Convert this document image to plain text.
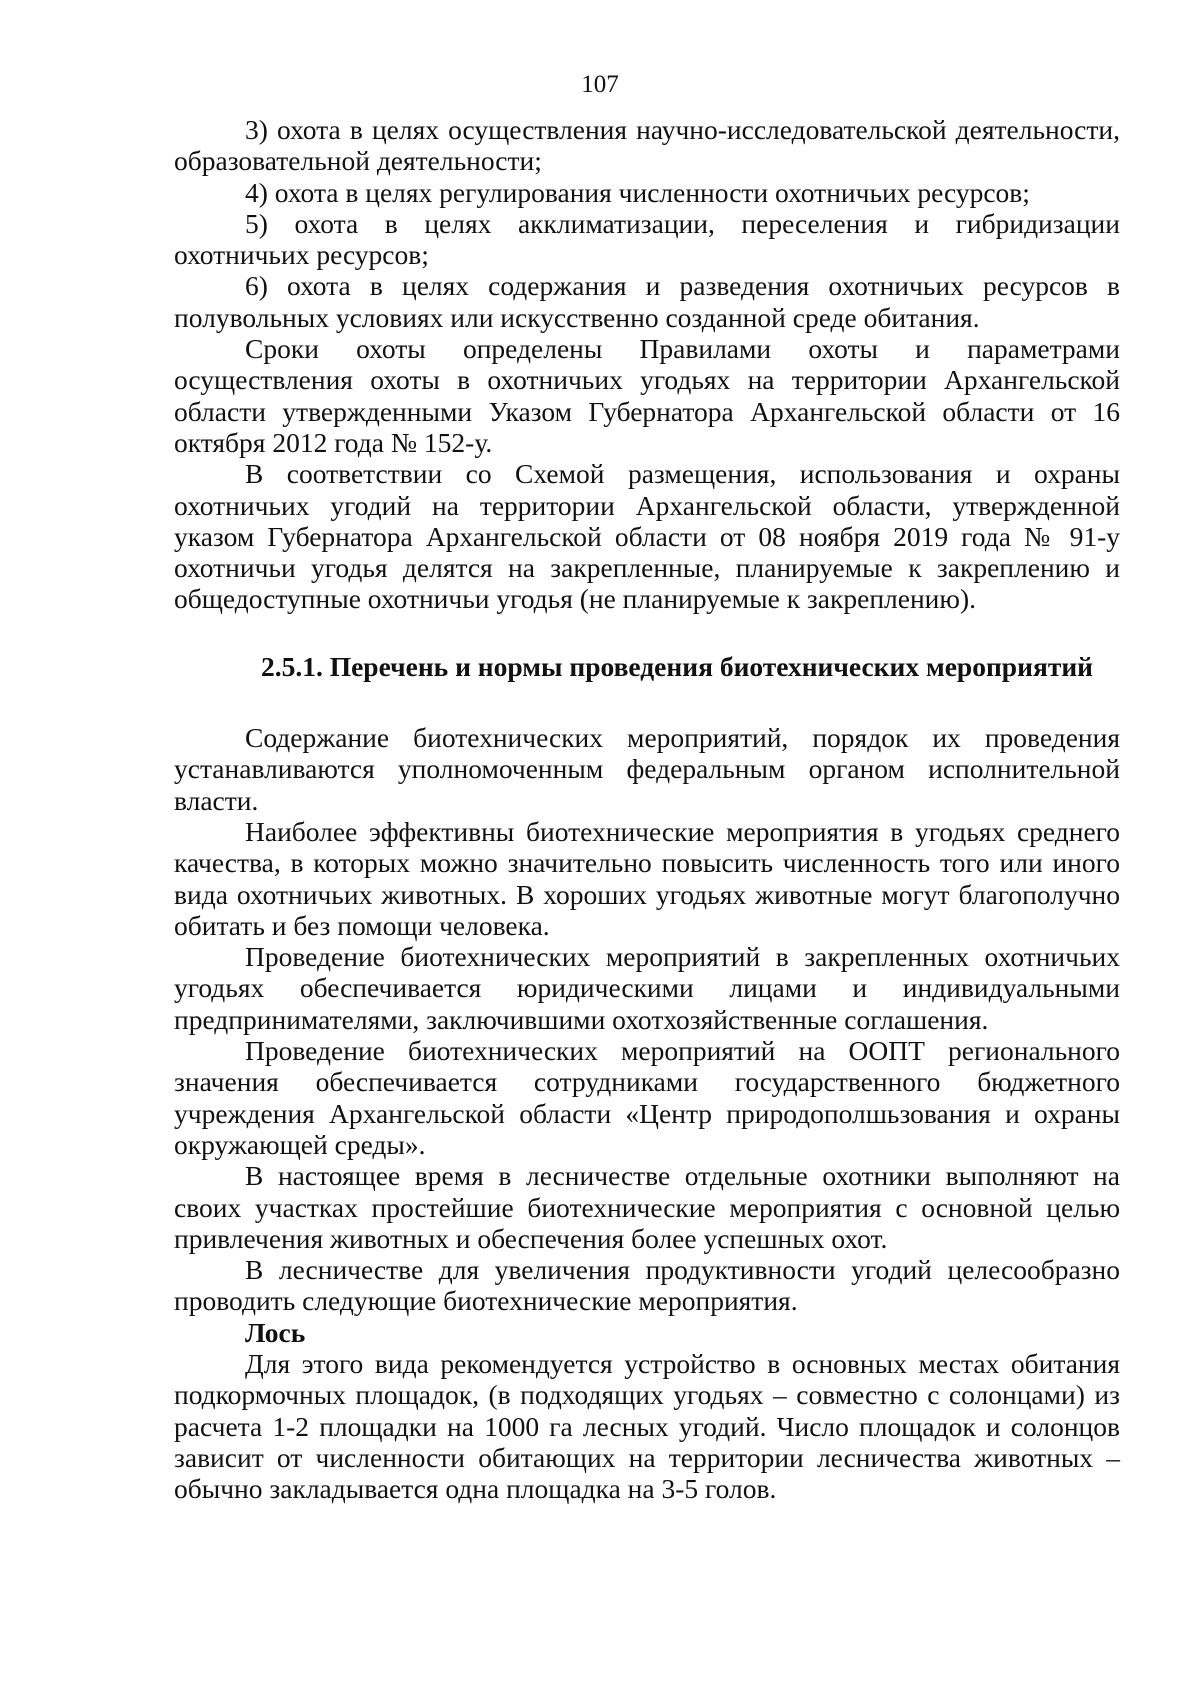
107

3) охота в целях осуществления научно-исследовательской деятельности, образовательной деятельности;

4) охота в целях регулирования численности охотничьих ресурсов;

5) охота в целях акклиматизации, переселения и гибридизации охотничьих ресурсов;

6) охота в целях содержания и разведения охотничьих ресурсов в полувольных условиях или искусственно созданной среде обитания.

Сроки охоты определены Правилами охоты и параметрами осуществления охоты в охотничьих угодьях на территории Архангельской области утвержденными Указом Губернатора Архангельской области от 16 октября 2012 года № 152-у.

В соответствии со Схемой размещения, использования и охраны охотничьих угодий на территории Архангельской области, утвержденной указом Губернатора Архангельской области от 08 ноября 2019 года № 91-у охотничьи угодья делятся на закрепленные, планируемые к закреплению и общедоступные охотничьи угодья (не планируемые к закреплению).

2.5.1. Перечень и нормы проведения биотехнических мероприятий

Содержание биотехнических мероприятий, порядок их проведения устанавливаются уполномоченным федеральным органом исполнительной власти.

Наиболее эффективны биотехнические мероприятия в угодьях среднего качества, в которых можно значительно повысить численность того или иного вида охотничьих животных. В хороших угодьях животные могут благополучно обитать и без помощи человека.

Проведение биотехнических мероприятий в закрепленных охотничьих угодьях обеспечивается юридическими лицами и индивидуальными предпринимателями, заключившими охотхозяйственные соглашения.

Проведение биотехнических мероприятий на ООПТ регионального значения обеспечивается сотрудниками государственного бюджетного учреждения Архангельской области «Центр природополшьзования и охраны окружающей среды».

В настоящее время в лесничестве отдельные охотники выполняют на своих участках простейшие биотехнические мероприятия с основной целью привлечения животных и обеспечения более успешных охот.

В лесничестве для увеличения продуктивности угодий целесообразно проводить следующие биотехнические мероприятия.

Лось

Для этого вида рекомендуется устройство в основных местах обитания подкормочных площадок, (в подходящих угодьях – совместно с солонцами) из расчета 1-2 площадки на 1000 га лесных угодий. Число площадок и солонцов зависит от численности обитающих на территории лесничества животных – обычно закладывается одна площадка на 3-5 голов.
